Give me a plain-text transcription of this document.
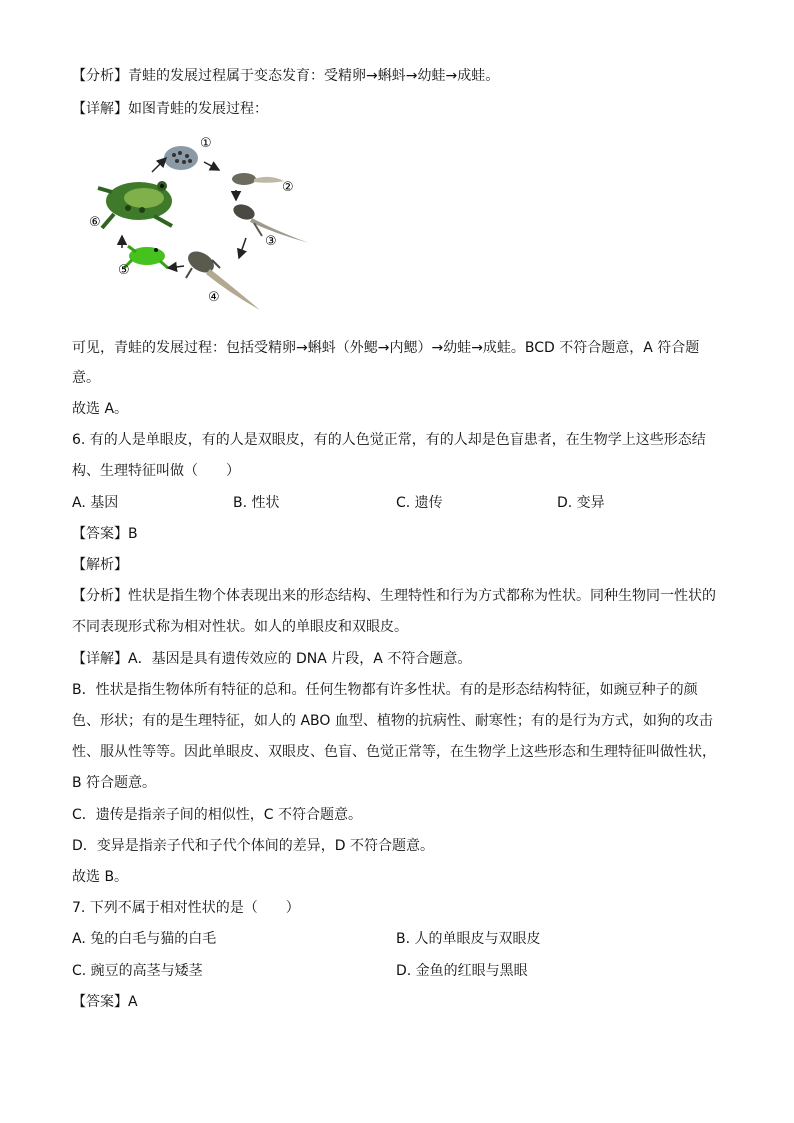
【分析】青蛙的发展过程属于变态发育：受精卵→蝌蚪→幼蛙→成蛙。
【详解】如图青蛙的发展过程：
①
②
③
④
⑤
⑥
可见，青蛙的发展过程：包括受精卵→蝌蚪（外鳃→内鳃）→幼蛙→成蛙。BCD 不符合题意，A 符合题
意。
故选 A。
6. 有的人是单眼皮，有的人是双眼皮，有的人色觉正常，有的人却是色盲患者，在生物学上这些形态结
构、生理特征叫做（　　）
A. 基因	B. 性状	C. 遗传	D. 变异
【答案】B
【解析】
【分析】性状是指生物个体表现出来的形态结构、生理特性和行为方式都称为性状。同种生物同一性状的
不同表现形式称为相对性状。如人的单眼皮和双眼皮。
【详解】A．基因是具有遗传效应的 DNA 片段，A 不符合题意。
B．性状是指生物体所有特征的总和。任何生物都有许多性状。有的是形态结构特征，如豌豆种子的颜
色、形状；有的是生理特征，如人的 ABO 血型、植物的抗病性、耐寒性；有的是行为方式，如狗的攻击
性、服从性等等。因此单眼皮、双眼皮、色盲、色觉正常等，在生物学上这些形态和生理特征叫做性状，
B 符合题意。
C．遗传是指亲子间的相似性，C 不符合题意。
D．变异是指亲子代和子代个体间的差异，D 不符合题意。
故选 B。
7. 下列不属于相对性状的是（　　）
A. 兔的白毛与猫的白毛	B. 人的单眼皮与双眼皮
C. 豌豆的高茎与矮茎	D. 金鱼的红眼与黑眼
【答案】A
